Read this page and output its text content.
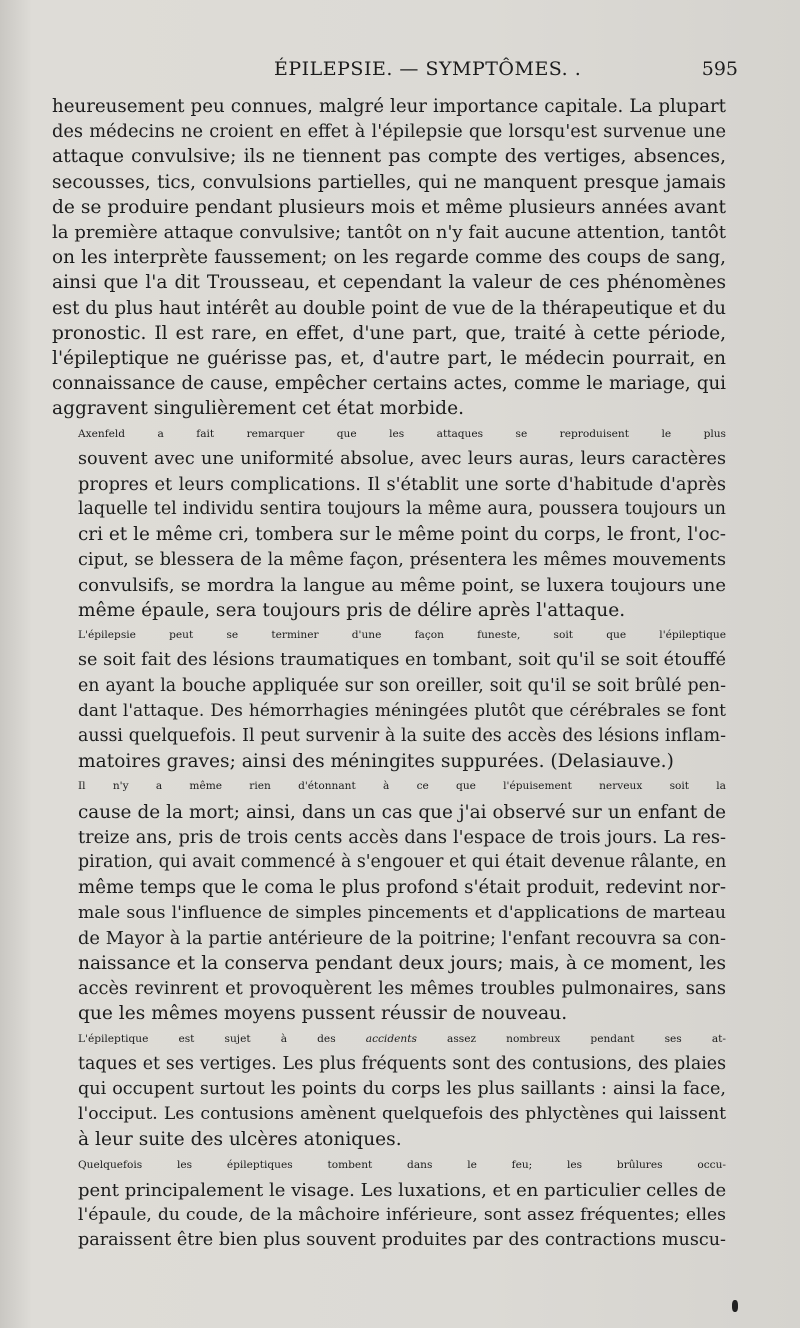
ÉPILEPSIE. — SYMPTÔMES. .	595

heureusement peu connues, malgré leur importance capitale. La plupart
des médecins ne croient en effet à l'épilepsie que lorsqu'est survenue une
attaque convulsive; ils ne tiennent pas compte des vertiges, absences,
secousses, tics, convulsions partielles, qui ne manquent presque jamais
de se produire pendant plusieurs mois et même plusieurs années avant
la première attaque convulsive; tantôt on n'y fait aucune attention, tantôt
on les interprète faussement; on les regarde comme des coups de sang,
ainsi que l'a dit Trousseau, et cependant la valeur de ces phénomènes
est du plus haut intérêt au double point de vue de la thérapeutique et du
pronostic. Il est rare, en effet, d'une part, que, traité à cette période,
l'épileptique ne guérisse pas, et, d'autre part, le médecin pourrait, en
connaissance de cause, empêcher certains actes, comme le mariage, qui
aggravent singulièrement cet état morbide.

Axenfeld a fait remarquer que les attaques se reproduisent le plus
souvent avec une uniformité absolue, avec leurs auras, leurs caractères
propres et leurs complications. Il s'établit une sorte d'habitude d'après
laquelle tel individu sentira toujours la même aura, poussera toujours un
cri et le même cri, tombera sur le même point du corps, le front, l'oc-
ciput, se blessera de la même façon, présentera les mêmes mouvements
convulsifs, se mordra la langue au même point, se luxera toujours une
même épaule, sera toujours pris de délire après l'attaque.

L'épilepsie peut se terminer d'une façon funeste, soit que l'épileptique
se soit fait des lésions traumatiques en tombant, soit qu'il se soit étouffé
en ayant la bouche appliquée sur son oreiller, soit qu'il se soit brûlé pen-
dant l'attaque. Des hémorrhagies méningées plutôt que cérébrales se font
aussi quelquefois. Il peut survenir à la suite des accès des lésions inflam-
matoires graves; ainsi des méningites suppurées. (Delasiauve.)

Il n'y a même rien d'étonnant à ce que l'épuisement nerveux soit la
cause de la mort; ainsi, dans un cas que j'ai observé sur un enfant de
treize ans, pris de trois cents accès dans l'espace de trois jours. La res-
piration, qui avait commencé à s'engouer et qui était devenue râlante, en
même temps que le coma le plus profond s'était produit, redevint nor-
male sous l'influence de simples pincements et d'applications de marteau
de Mayor à la partie antérieure de la poitrine; l'enfant recouvra sa con-
naissance et la conserva pendant deux jours; mais, à ce moment, les
accès revinrent et provoquèrent les mêmes troubles pulmonaires, sans
que les mêmes moyens pussent réussir de nouveau.

L'épileptique est sujet à des accidents assez nombreux pendant ses at-
taques et ses vertiges. Les plus fréquents sont des contusions, des plaies
qui occupent surtout les points du corps les plus saillants : ainsi la face,
l'occiput. Les contusions amènent quelquefois des phlyctènes qui laissent
à leur suite des ulcères atoniques.

Quelquefois les épileptiques tombent dans le feu; les brûlures occu-
pent principalement le visage. Les luxations, et en particulier celles de
l'épaule, du coude, de la mâchoire inférieure, sont assez fréquentes; elles
paraissent être bien plus souvent produites par des contractions muscu-
